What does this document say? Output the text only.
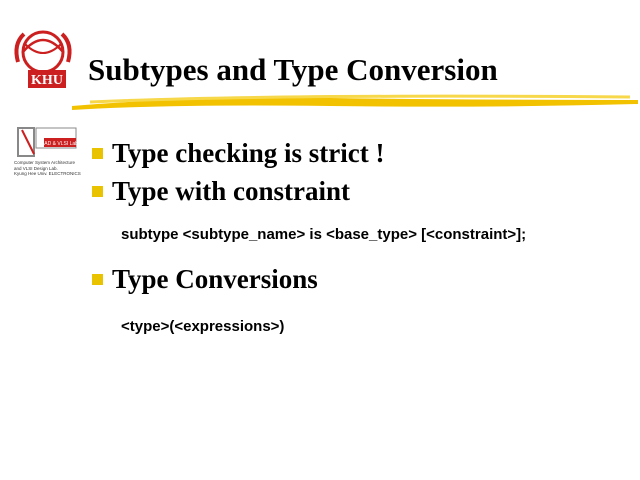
KHU Subtypes and Type Conversion
CAD & VLSI Lab.
Computer System Architecture
and VLSI Design Lab.
Kyung Hee Univ. ELECTRONICS
Type checking is strict !
Type with constraint
subtype <subtype_name> is <base_type> [<constraint>];
Type Conversions
<type>(<expressions>)
